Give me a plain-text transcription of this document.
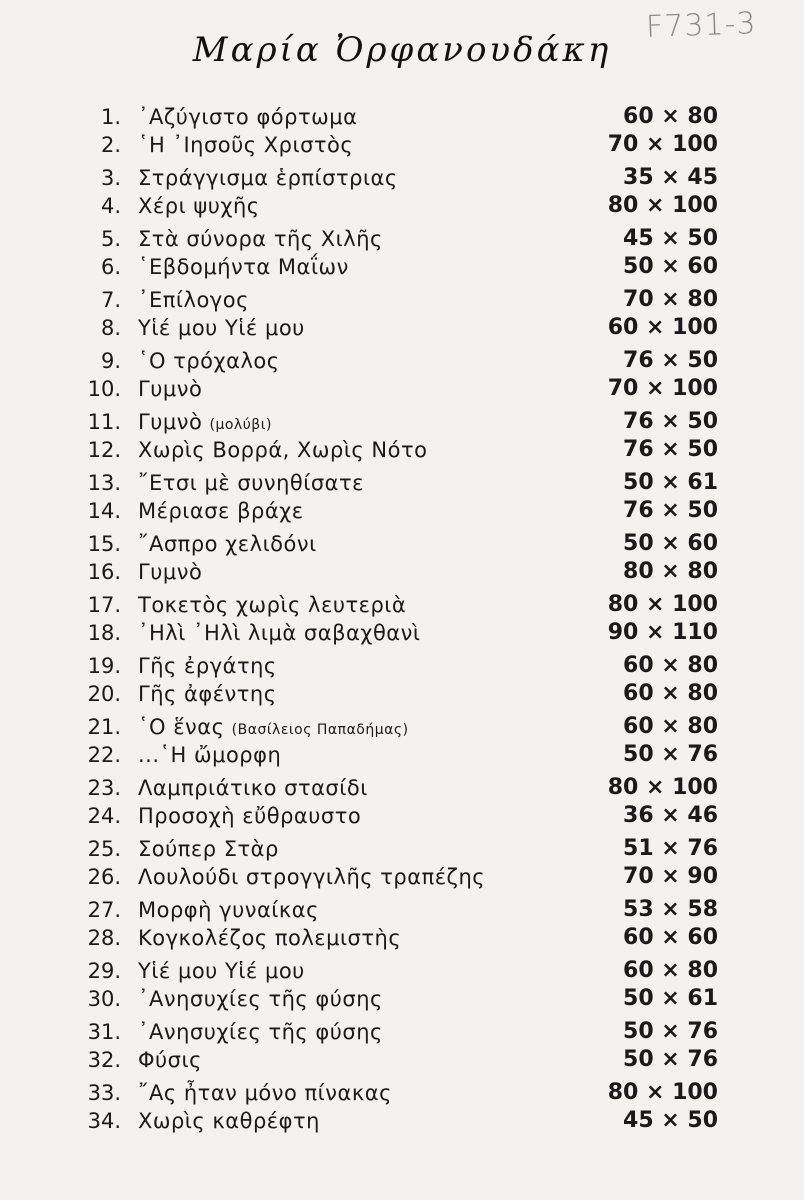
F731-3
Μαρία Ὀρφανουδάκη
1. ᾽Αζύγιστο φόρτωμα	60 × 80
2. ῾Η ᾽Ιησοῦς Χριστὸς	70 × 100
3. Στράγγισμα ἑρπίστριας	35 × 45
4. Χέρι ψυχῆς	80 × 100
5. Στὰ σύνορα τῆς Χιλῆς	45 × 50
6. ῾Εβδομήντα Μαΐων	50 × 60
7. ᾽Επίλογος	70 × 80
8. Υἱέ μου Υἱέ μου	60 × 100
9. ῾Ο τρόχαλος	76 × 50
10. Γυμνὸ	70 × 100
11. Γυμνὸ (μολύβι)	76 × 50
12. Χωρὶς Βορρά, Χωρὶς Νότο	76 × 50
13. ῎Ετσι μὲ συνηθίσατε	50 × 61
14. Μέριασε βράχε	76 × 50
15. ῎Ασπρο χελιδόνι	50 × 60
16. Γυμνὸ	80 × 80
17. Τοκετὸς χωρὶς λευτεριὰ	80 × 100
18. ᾽Ηλὶ ᾽Ηλὶ λιμὰ σαβαχθανὶ	90 × 110
19. Γῆς ἐργάτης	60 × 80
20. Γῆς ἀφέντης	60 × 80
21. ῾Ο ἕνας (Βασίλειος Παπαδήμας)	60 × 80
22. ...῾Η ὤμορφη	50 × 76
23. Λαμπριάτικο στασίδι	80 × 100
24. Προσοχὴ εὔθραυστο	36 × 46
25. Σούπερ Στὰρ	51 × 76
26. Λουλούδι στρογγιλῆς τραπέζης	70 × 90
27. Μορφὴ γυναίκας	53 × 58
28. Κογκολέζος πολεμιστὴς	60 × 60
29. Υἱέ μου Υἱέ μου	60 × 80
30. ᾽Ανησυχίες τῆς φύσης	50 × 61
31. ᾽Ανησυχίες τῆς φύσης	50 × 76
32. Φύσις	50 × 76
33. ῎Ας ἦταν μόνο πίνακας	80 × 100
34. Χωρὶς καθρέφτη	45 × 50
